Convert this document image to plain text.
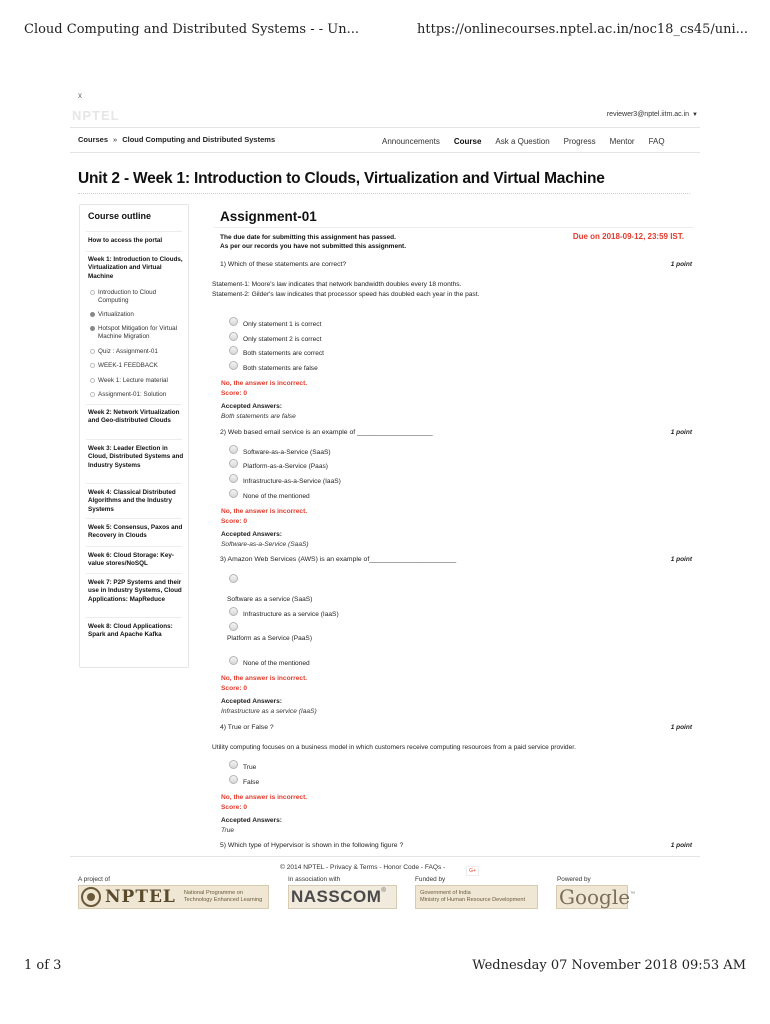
Cloud Computing and Distributed Systems - - Un...	https://onlinecourses.nptel.ac.in/noc18_cs45/uni...
x
NPTEL	reviewer3@nptel.iitm.ac.in ▼
Courses » Cloud Computing and Distributed Systems	Announcements Course Ask a Question Progress Mentor FAQ
Unit 2 - Week 1: Introduction to Clouds, Virtualization and Virtual Machine
Course outline
How to access the portal
Week 1: Introduction to Clouds, Virtualization and Virtual Machine
Introduction to Cloud Computing
Virtualization
Hotspot Mitigation for Virtual Machine Migration
Quiz : Assignment-01
WEEK-1 FEEDBACK
Week 1: Lecture material
Assignment-01: Solution
Week 2: Network Virtualization and Geo-distributed Clouds
Week 3: Leader Election in Cloud, Distributed Systems and Industry Systems
Week 4: Classical Distributed Algorithms and the Industry Systems
Week 5: Consensus, Paxos and Recovery in Clouds
Week 6: Cloud Storage: Key-value stores/NoSQL
Week 7: P2P Systems and their use in Industry Systems, Cloud Applications: MapReduce
Week 8: Cloud Applications: Spark and Apache Kafka
Assignment-01
The due date for submitting this assignment has passed.
As per our records you have not submitted this assignment.
Due on 2018-09-12, 23:59 IST.
1) Which of these statements are correct?	1 point
Statement-1: Moore's law indicates that network bandwidth doubles every 18 months.
Statement-2: Gilder's law indicates that processor speed has doubled each year in the past.
Only statement 1 is correct
Only statement 2 is correct
Both statements are correct
Both statements are false
No, the answer is incorrect.
Score: 0
Accepted Answers:
Both statements are false
2) Web based email service is an example of ____________________	1 point
Software-as-a-Service (SaaS)
Platform-as-a-Service (Paas)
Infrastructure-as-a-Service (IaaS)
None of the mentioned
No, the answer is incorrect.
Score: 0
Accepted Answers:
Software-as-a-Service (SaaS)
3) Amazon Web Services (AWS) is an example of_______________________	1 point
Software as a service (SaaS)
Infrastructure as a service (IaaS)
Platform as a Service (PaaS)
None of the mentioned
No, the answer is incorrect.
Score: 0
Accepted Answers:
Infrastructure as a service (IaaS)
4) True or False ?	1 point
Utility computing focuses on a business model in which customers receive computing resources from a paid service provider.
True
False
No, the answer is incorrect.
Score: 0
Accepted Answers:
True
5) Which type of Hypervisor is shown in the following figure ?	1 point
© 2014 NPTEL - Privacy & Terms - Honor Code - FAQs -	G+
A project of	In association with	Funded by	Powered by
NPTEL National Programme on
Technology Enhanced Learning NASSCOM ®	Government of India
Ministry of Human Resource Development Google ™
1 of 3	Wednesday 07 November 2018 09:53 AM
